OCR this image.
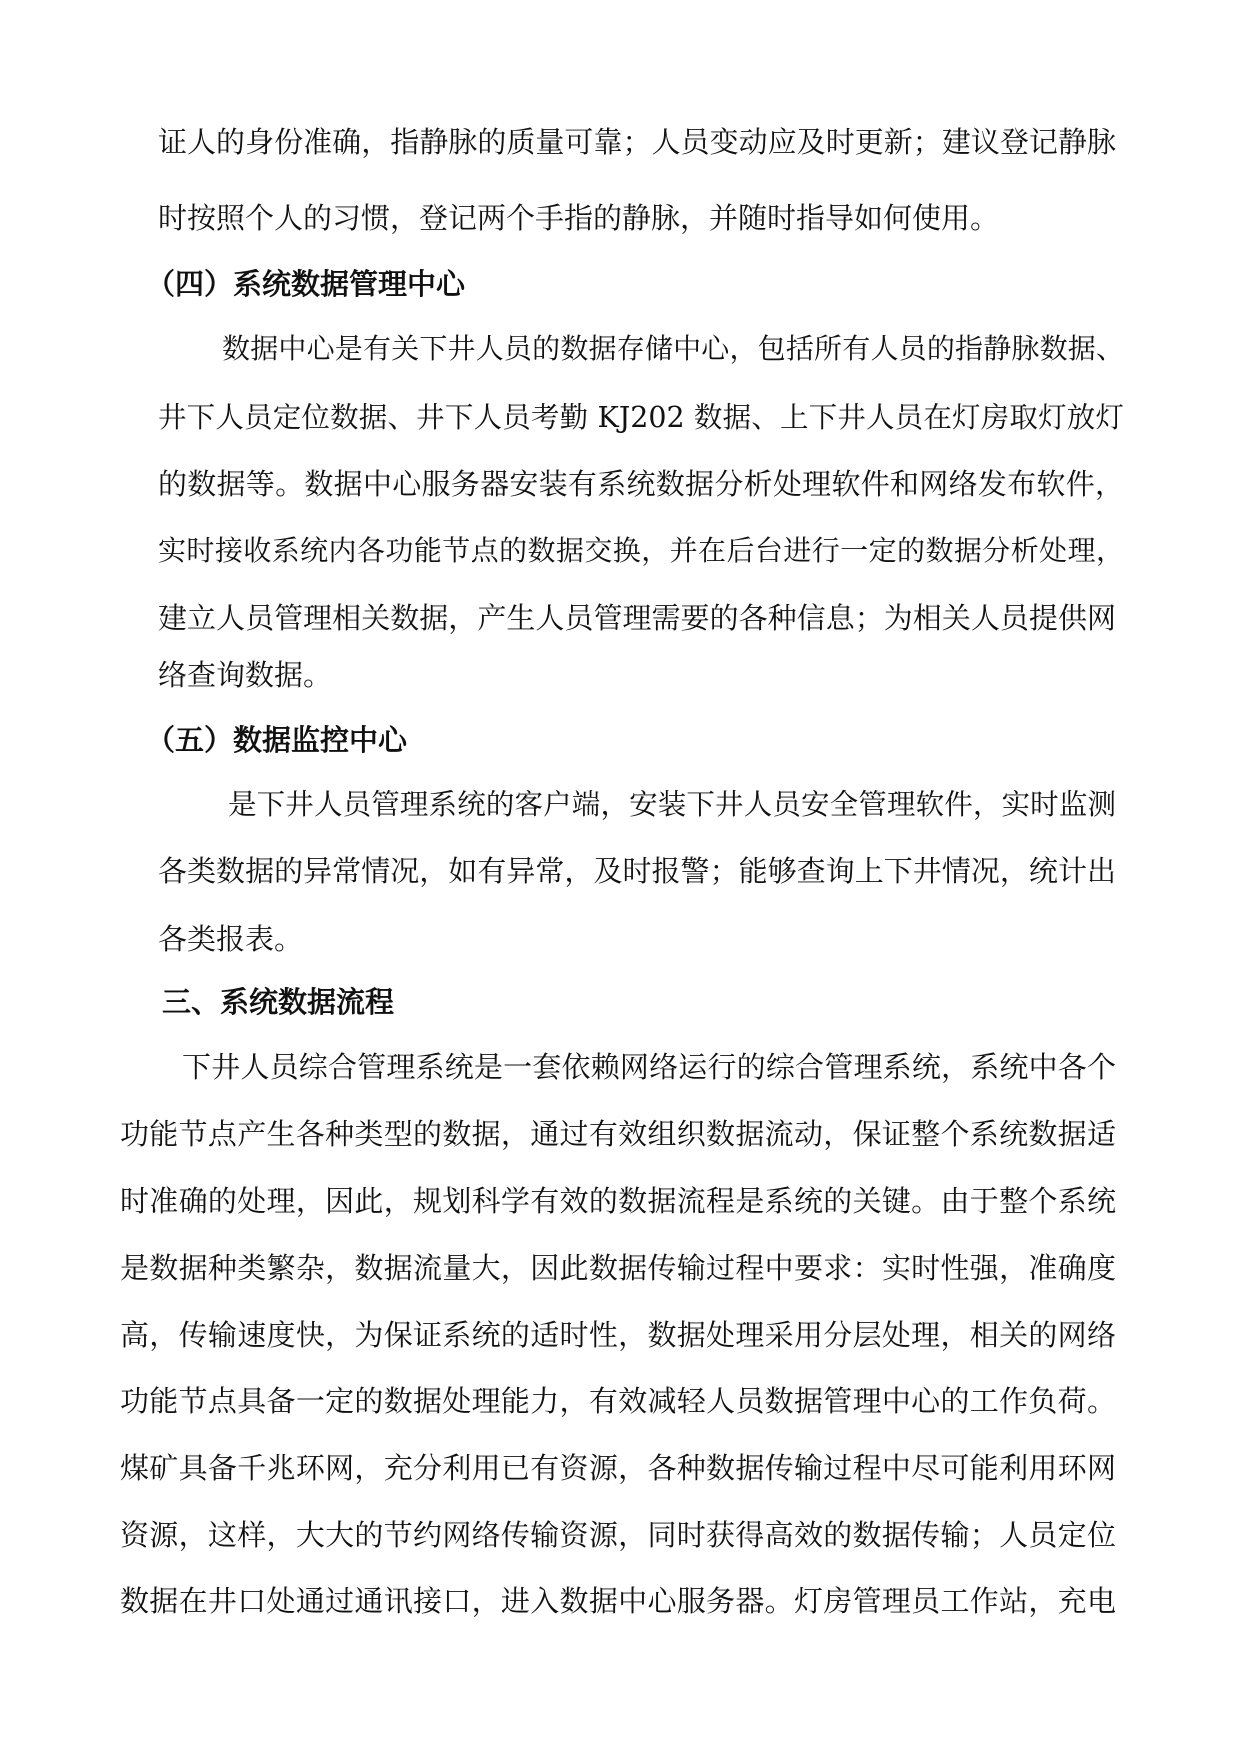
证人的身份准确，指静脉的质量可靠；人员变动应及时更新；建议登记静脉
时按照个人的习惯，登记两个手指的静脉，并随时指导如何使用。
（四）系统数据管理中心
数据中心是有关下井人员的数据存储中心，包括所有人员的指静脉数据、
井下人员定位数据、井下人员考勤 KJ202 数据、上下井人员在灯房取灯放灯
的数据等。数据中心服务器安装有系统数据分析处理软件和网络发布软件，
实时接收系统内各功能节点的数据交换，并在后台进行一定的数据分析处理，
建立人员管理相关数据，产生人员管理需要的各种信息；为相关人员提供网
络查询数据。
（五）数据监控中心
是下井人员管理系统的客户端，安装下井人员安全管理软件，实时监测
各类数据的异常情况，如有异常，及时报警；能够查询上下井情况，统计出
各类报表。
三、系统数据流程
下井人员综合管理系统是一套依赖网络运行的综合管理系统，系统中各个
功能节点产生各种类型的数据，通过有效组织数据流动，保证整个系统数据适
时准确的处理，因此，规划科学有效的数据流程是系统的关键。由于整个系统
是数据种类繁杂，数据流量大，因此数据传输过程中要求：实时性强，准确度
高，传输速度快，为保证系统的适时性，数据处理采用分层处理，相关的网络
功能节点具备一定的数据处理能力，有效减轻人员数据管理中心的工作负荷。
煤矿具备千兆环网，充分利用已有资源，各种数据传输过程中尽可能利用环网
资源，这样，大大的节约网络传输资源，同时获得高效的数据传输；人员定位
数据在井口处通过通讯接口，进入数据中心服务器。灯房管理员工作站，充电
